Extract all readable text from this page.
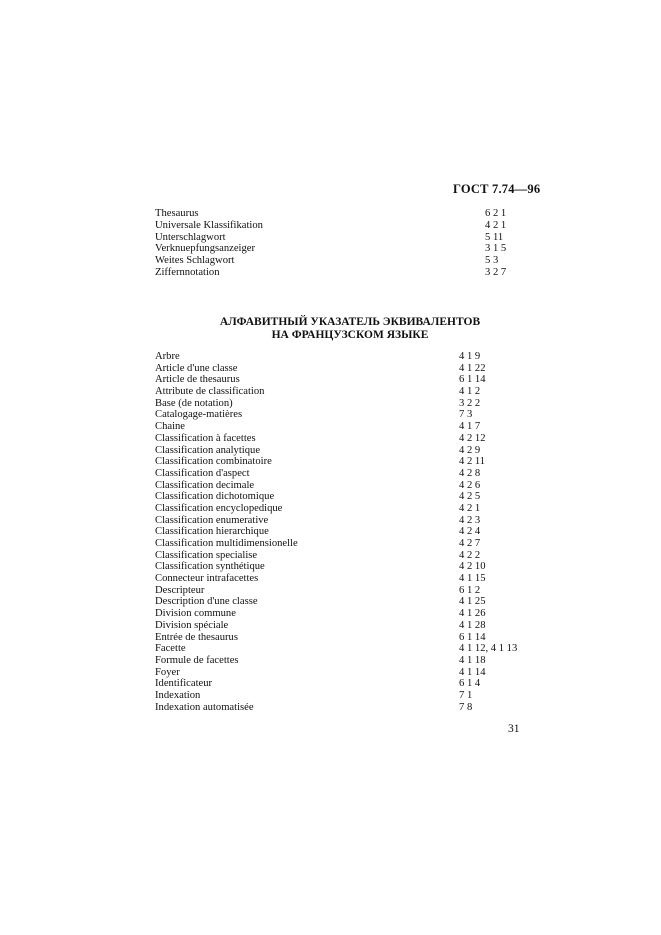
ГОСТ 7.74—96
Thesaurus	6 2 1
Universale Klassifikation	4 2 1
Unterschlagwort	5 11
Verknuepfungsanzeiger	3 1 5
Weites Schlagwort	5 3
Ziffernnotation	3 2 7
АЛФАВИТНЫЙ УКАЗАТЕЛЬ ЭКВИВАЛЕНТОВ
НА ФРАНЦУЗСКОМ ЯЗЫКЕ
Arbre	4 1 9
Article d'une classe	4 1 22
Article de thesaurus	6 1 14
Attribute de classification	4 1 2
Base (de notation)	3 2 2
Catalogage-matières	7 3
Chaine	4 1 7
Classification à facettes	4 2 12
Classification analytique	4 2 9
Classification combinatoire	4 2 11
Classification d'aspect	4 2 8
Classification decimale	4 2 6
Classification dichotomique	4 2 5
Classification encyclopedique	4 2 1
Classification enumerative	4 2 3
Classification hierarchique	4 2 4
Classification multidimensionelle	4 2 7
Classification specialise	4 2 2
Classification synthétique	4 2 10
Connecteur intrafacettes	4 1 15
Descripteur	6 1 2
Description d'une classe	4 1 25
Division commune	4 1 26
Division spéciale	4 1 28
Entrée de thesaurus	6 1 14
Facette	4 1 12, 4 1 13
Formule de facettes	4 1 18
Foyer	4 1 14
Identificateur	6 1 4
Indexation	7 1
Indexation automatisée	7 8
31
